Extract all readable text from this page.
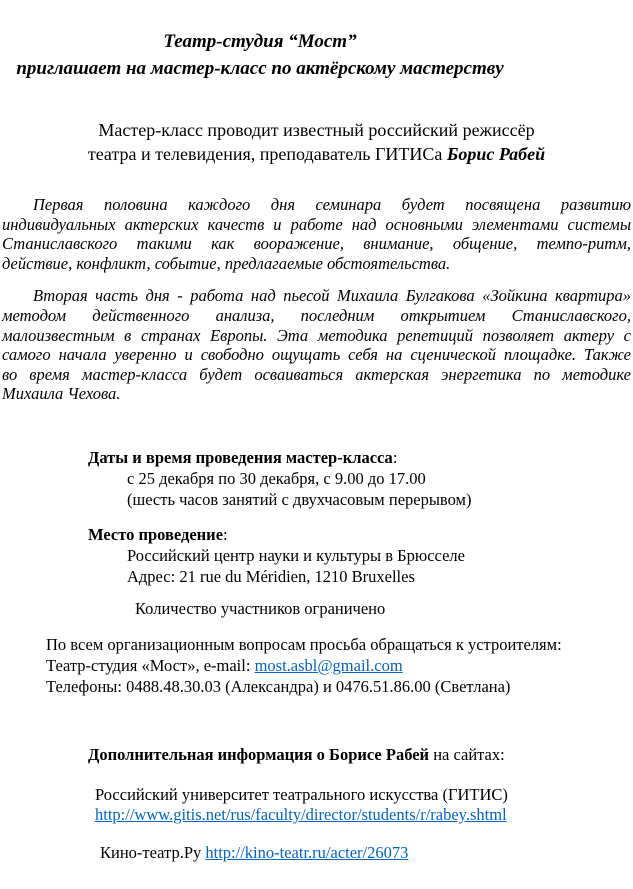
Театр-студия “Мост”
приглашает на мастер-класс по актёрскому мастерству
Мастер-класс проводит известный российский режиссёр
театра и телевидения, преподаватель ГИТИСа Борис Рабей
Первая половина каждого дня семинара будет посвящена развитию
индивидуальных актерских качеств и работе над основными элементами системы
Станиславского такими как вооражение, внимание, общение, темпо-ритм,
действие, конфликт, событие, предлагаемые обстоятельства.
Вторая часть дня - работа над пьесой Михаила Булгакова «Зойкина квартира»
методом действенного анализа, последним открытием Станиславского,
малоизвестным в странах Европы. Эта методика репетиций позволяет актеру с
самого начала уверенно и свободно ощущать себя на сценической площадке. Также
во время мастер-класса будет осваиваться актерская энергетика по методике
Михаила Чехова.
Даты и время проведения мастер-класса:
с 25 декабря по 30 декабря, с 9.00 до 17.00
(шесть часов занятий с двухчасовым перерывом)
Место проведение:
Российский центр науки и культуры в Брюсселе
Адрес: 21 rue du Méridien, 1210 Bruxelles
Количество участников ограничено
По всем организационным вопросам просьба обращаться к устроителям:
Театр-студия «Мост», e-mail: most.asbl@gmail.com
Телефоны: 0488.48.30.03 (Александра) и 0476.51.86.00 (Светлана)
Дополнительная информация о Борисе Рабей на сайтах:
Российский университет театрального искусства (ГИТИС)
http://www.gitis.net/rus/faculty/director/students/r/rabey.shtml
Кино-театр.Ру http://kino-teatr.ru/acter/26073
